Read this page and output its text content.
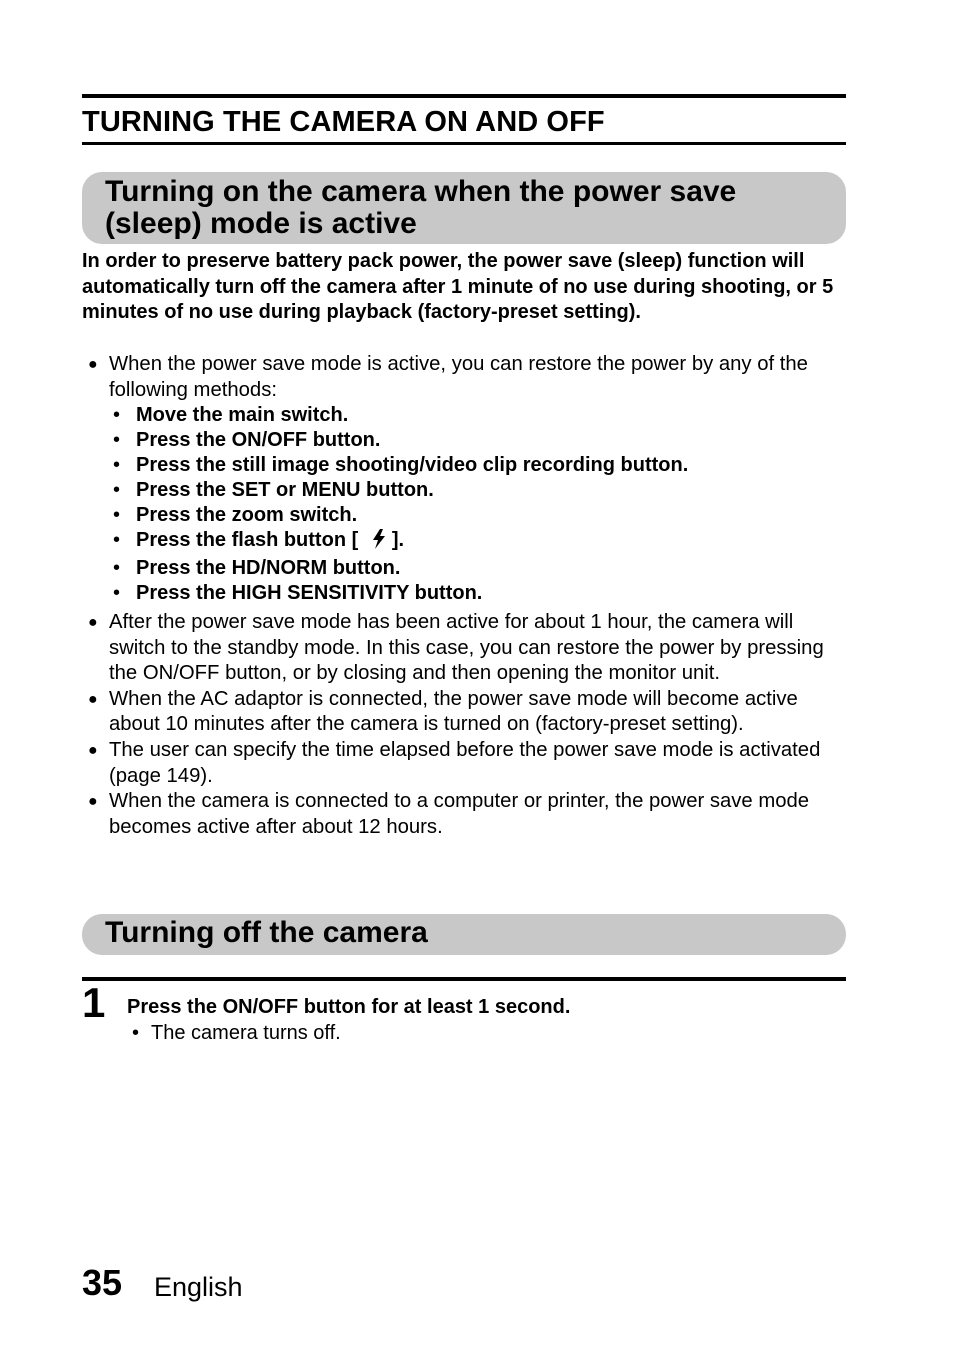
TURNING THE CAMERA ON AND OFF
Turning on the camera when the power save
(sleep) mode is active
In order to preserve battery pack power, the power save (sleep) function will automatically turn off the camera after 1 minute of no use during shooting, or 5 minutes of no use during playback (factory-preset setting).
● When the power save mode is active, you can restore the power by any of the following methods:
• Move the main switch.
• Press the ON/OFF button.
• Press the still image shooting/video clip recording button.
• Press the SET or MENU button.
• Press the zoom switch.
• Press the flash button [ ].
• Press the HD/NORM button.
• Press the HIGH SENSITIVITY button.
● After the power save mode has been active for about 1 hour, the camera will switch to the standby mode. In this case, you can restore the power by pressing the ON/OFF button, or by closing and then opening the monitor unit.
● When the AC adaptor is connected, the power save mode will become active about 10 minutes after the camera is turned on (factory-preset setting).
● The user can specify the time elapsed before the power save mode is activated (page 149).
● When the camera is connected to a computer or printer, the power save mode becomes active after about 12 hours.
Turning off the camera
1 Press the ON/OFF button for at least 1 second.
• The camera turns off.
35 English
